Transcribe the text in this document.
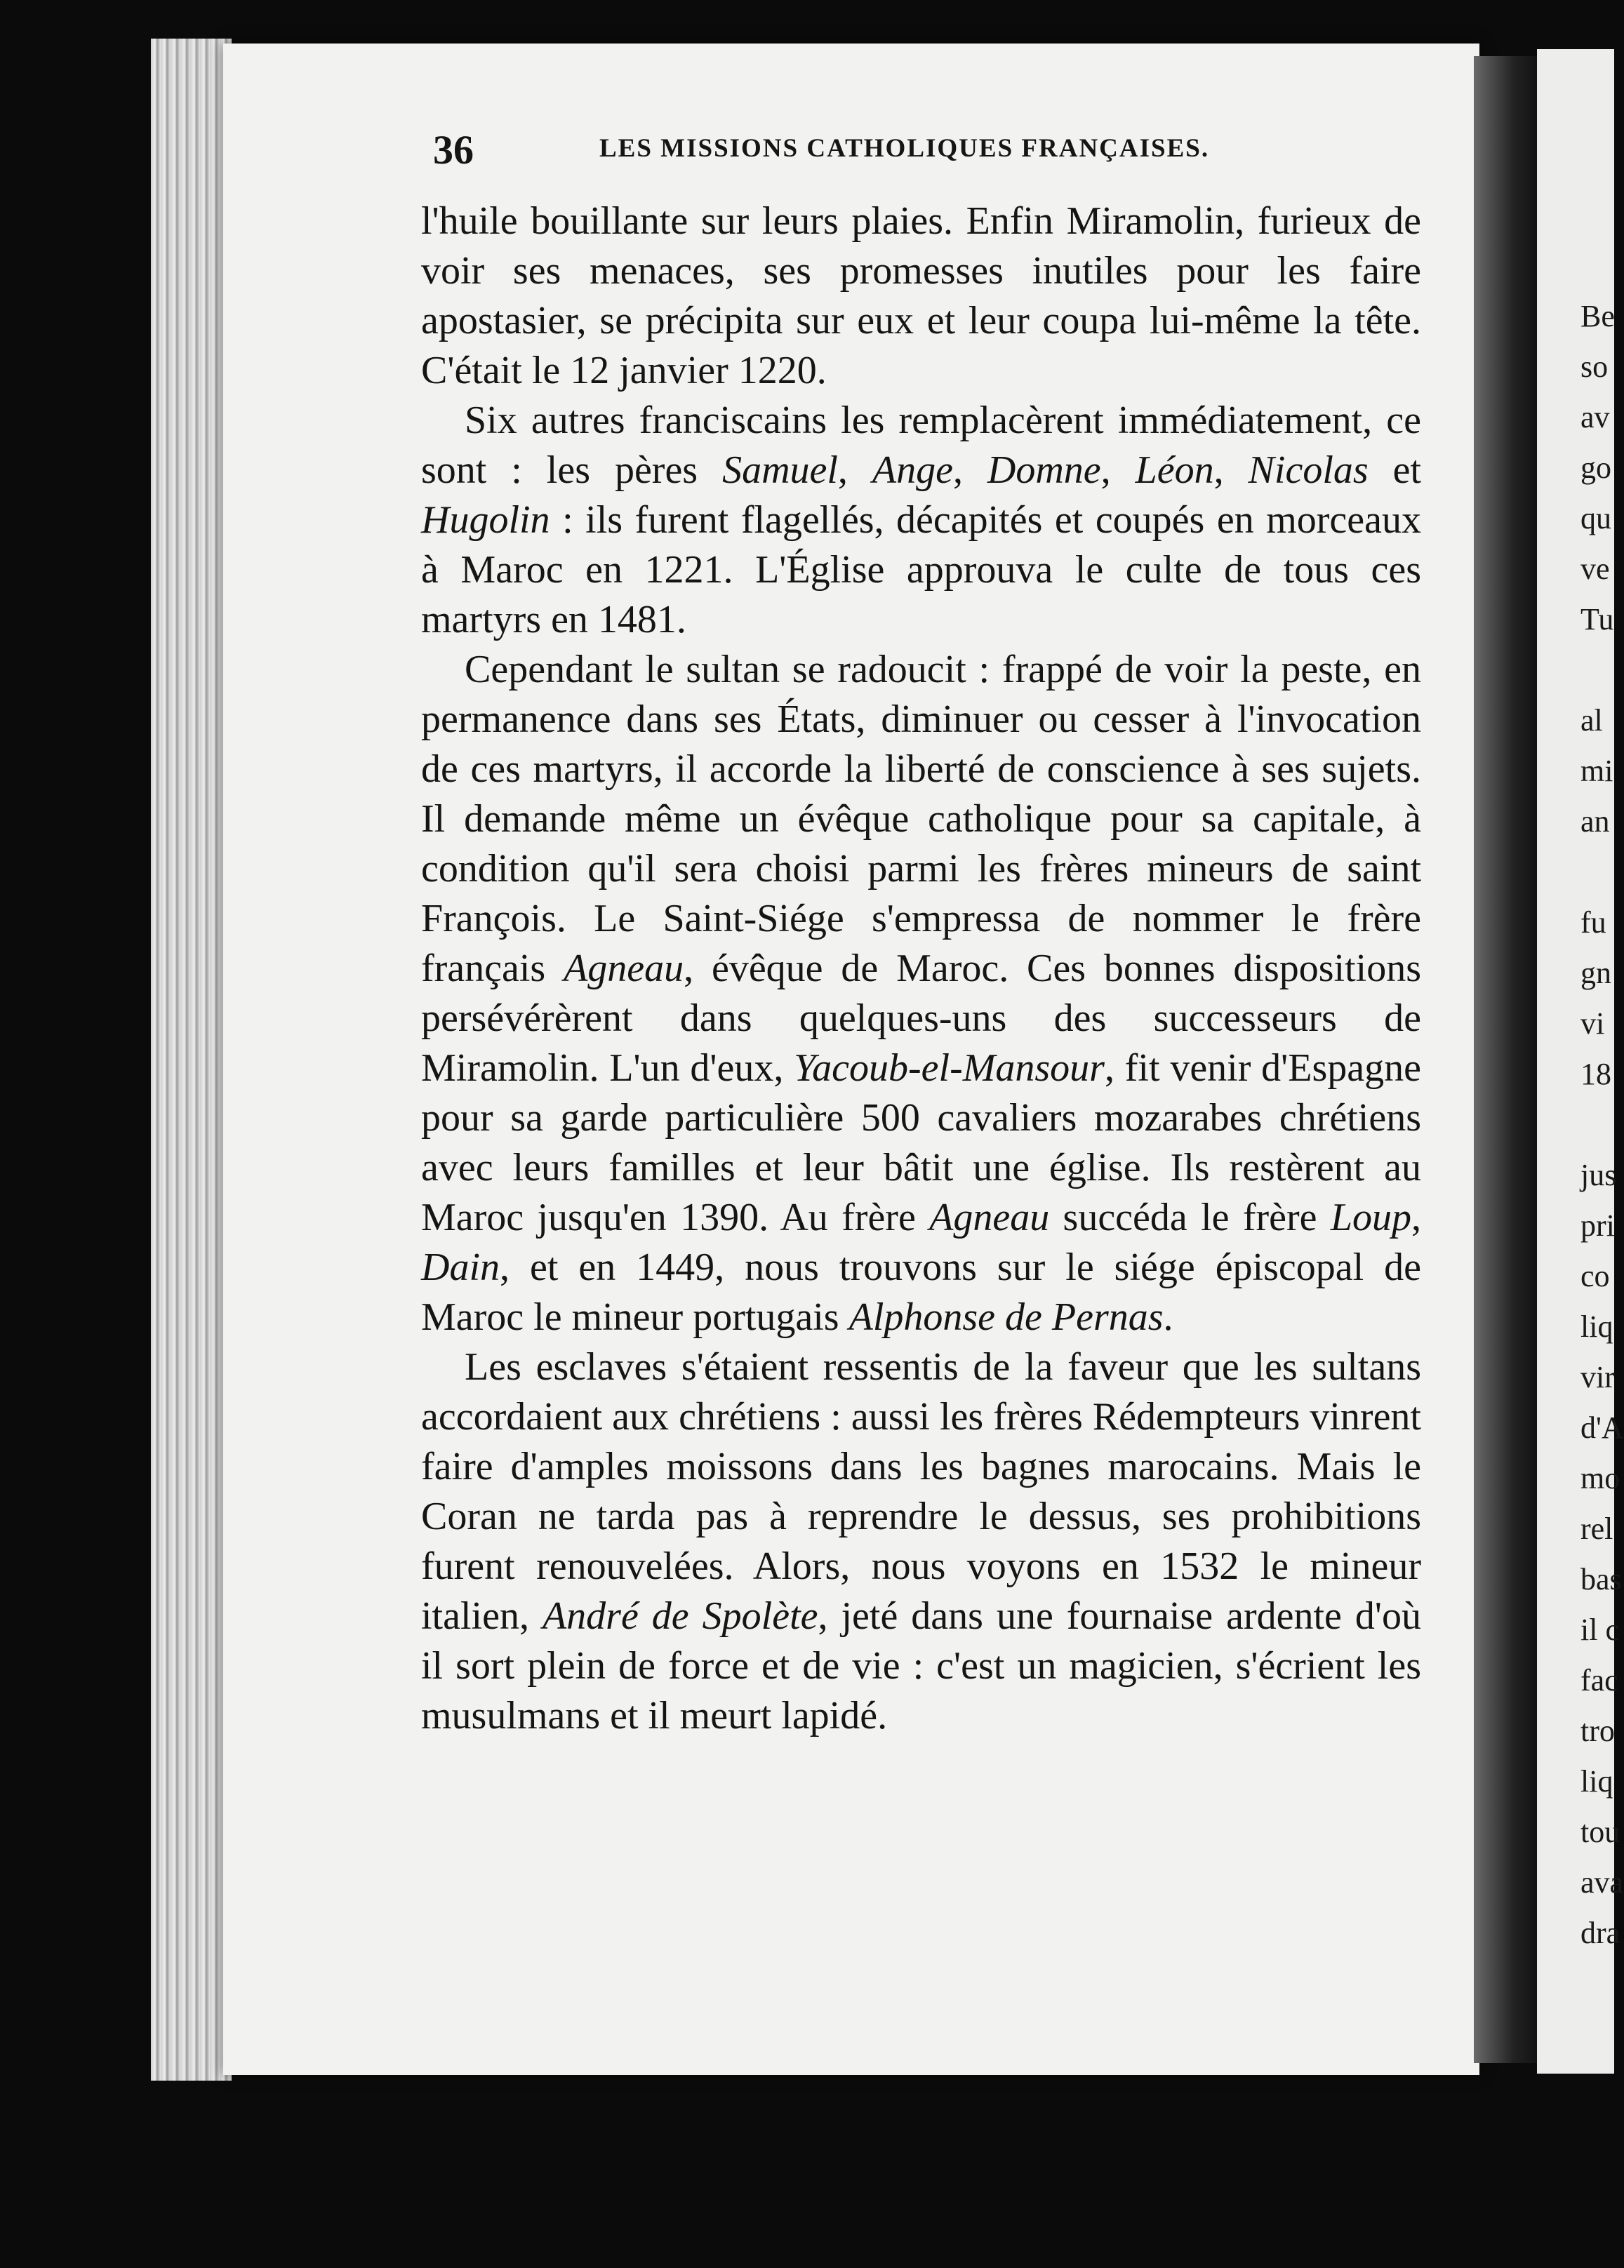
36	LES MISSIONS CATHOLIQUES FRANÇAISES.

l'huile bouillante sur leurs plaies. Enfin Miramolin, furieux de voir ses menaces, ses promesses inutiles pour les faire apostasier, se précipita sur eux et leur coupa lui-même la tête. C'était le 12 janvier 1220.

Six autres franciscains les remplacèrent immédiatement, ce sont : les pères Samuel, Ange, Domne, Léon, Nicolas et Hugolin : ils furent flagellés, décapités et coupés en morceaux à Maroc en 1221. L'Église approuva le culte de tous ces martyrs en 1481.

Cependant le sultan se radoucit : frappé de voir la peste, en permanence dans ses États, diminuer ou cesser à l'invocation de ces martyrs, il accorde la liberté de conscience à ses sujets. Il demande même un évêque catholique pour sa capitale, à condition qu'il sera choisi parmi les frères mineurs de saint François. Le Saint-Siége s'empressa de nommer le frère français Agneau, évêque de Maroc. Ces bonnes dispositions persévérèrent dans quelques-uns des successeurs de Miramolin. L'un d'eux, Yacoub-el-Mansour, fit venir d'Espagne pour sa garde particulière 500 cavaliers mozarabes chrétiens avec leurs familles et leur bâtit une église. Ils restèrent au Maroc jusqu'en 1390. Au frère Agneau succéda le frère Loup, Dain, et en 1449, nous trouvons sur le siége épiscopal de Maroc le mineur portugais Alphonse de Pernas.

Les esclaves s'étaient ressentis de la faveur que les sultans accordaient aux chrétiens : aussi les frères Rédempteurs vinrent faire d'amples moissons dans les bagnes marocains. Mais le Coran ne tarda pas à reprendre le dessus, ses prohibitions furent renouvelées. Alors, nous voyons en 1532 le mineur italien, André de Spolète, jeté dans une fournaise ardente d'où il sort plein de force et de vie : c'est un magicien, s'écrient les musulmans et il meurt lapidé.

Be
so
av
go
qu
ve
Tu

al
mi
an

fu
gn
vi
18

jus
pri
co
liq
vir
d'A
mo
rel
bas
il c
fac
tro
liq
tou
ava
dra
